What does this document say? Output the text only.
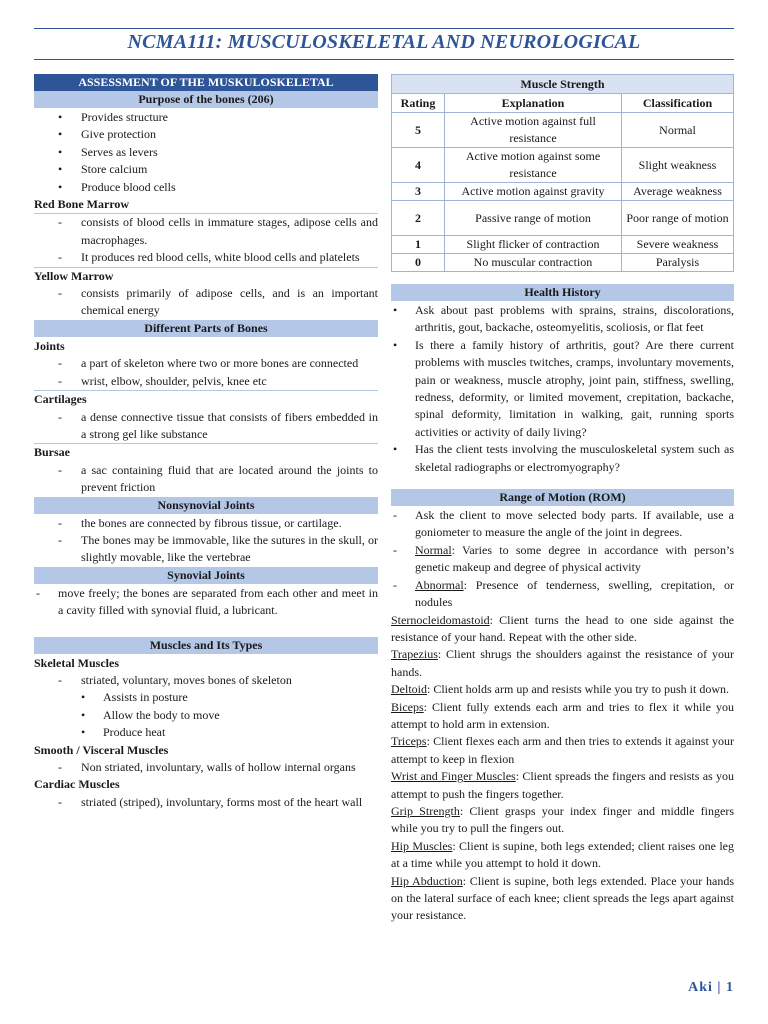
NCMA111: MUSCULOSKELETAL AND NEUROLOGICAL
ASSESSMENT OF THE MUSKULOSKELETAL
Purpose of the bones (206)
• Provides structure
• Give protection
• Serves as levers
• Store calcium
• Produce blood cells
Red Bone Marrow
- consists of blood cells in immature stages, adipose cells and macrophages.
- It produces red blood cells, white blood cells and platelets
Yellow Marrow
- consists primarily of adipose cells, and is an important chemical energy
Different Parts of Bones
Joints
- a part of skeleton where two or more bones are connected
- wrist, elbow, shoulder, pelvis, knee etc
Cartilages
- a dense connective tissue that consists of fibers embedded in a strong gel like substance
Bursae
- a sac containing fluid that are located around the joints to prevent friction
Nonsynovial Joints
- the bones are connected by fibrous tissue, or cartilage.
- The bones may be immovable, like the sutures in the skull, or slightly movable, like the vertebrae
Synovial Joints
- move freely; the bones are separated from each other and meet in a cavity filled with synovial fluid, a lubricant.
Muscles and Its Types
Skeletal Muscles
- striated, voluntary, moves bones of skeleton
• Assists in posture
• Allow the body to move
• Produce heat
Smooth / Visceral Muscles
- Non striated, involuntary, walls of hollow internal organs
Cardiac Muscles
- striated (striped), involuntary, forms most of the heart wall
Muscle Strength		
Rating	Explanation	Classification
5	Active motion against full resistance	Normal
4	Active motion against some resistance	Slight weakness
3	Active motion against gravity	Average weakness
2	Passive range of motion	Poor range of motion
1	Slight flicker of contraction	Severe weakness
0	No muscular contraction	Paralysis
Health History
• Ask about past problems with sprains, strains, discolorations, arthritis, gout, backache, osteomyelitis, scoliosis, or flat feet
• Is there a family history of arthritis, gout? Are there current problems with muscles twitches, cramps, involuntary movements, pain or weakness, muscle atrophy, joint pain, stiffness, swelling, redness, deformity, or limited movement, crepitation, backache, spinal deformity, limitation in walking, gait, running sports activities or activity of daily living?
• Has the client tests involving the musculoskeletal system such as skeletal radiographs or electromyography?
Range of Motion (ROM)
- Ask the client to move selected body parts. If available, use a goniometer to measure the angle of the joint in degrees.
- Normal: Varies to some degree in accordance with person’s genetic makeup and degree of physical activity
- Abnormal: Presence of tenderness, swelling, crepitation, or nodules
Sternocleidomastoid: Client turns the head to one side against the resistance of your hand. Repeat with the other side.
Trapezius: Client shrugs the shoulders against the resistance of your hands.
Deltoid: Client holds arm up and resists while you try to push it down.
Biceps: Client fully extends each arm and tries to flex it while you attempt to hold arm in extension.
Triceps: Client flexes each arm and then tries to extends it against your attempt to keep in flexion
Wrist and Finger Muscles: Client spreads the fingers and resists as you attempt to push the fingers together.
Grip Strength: Client grasps your index finger and middle fingers while you try to pull the fingers out.
Hip Muscles: Client is supine, both legs extended; client raises one leg at a time while you attempt to hold it down.
Hip Abduction: Client is supine, both legs extended. Place your hands on the lateral surface of each knee; client spreads the legs apart against your resistance.
Aki | 1
